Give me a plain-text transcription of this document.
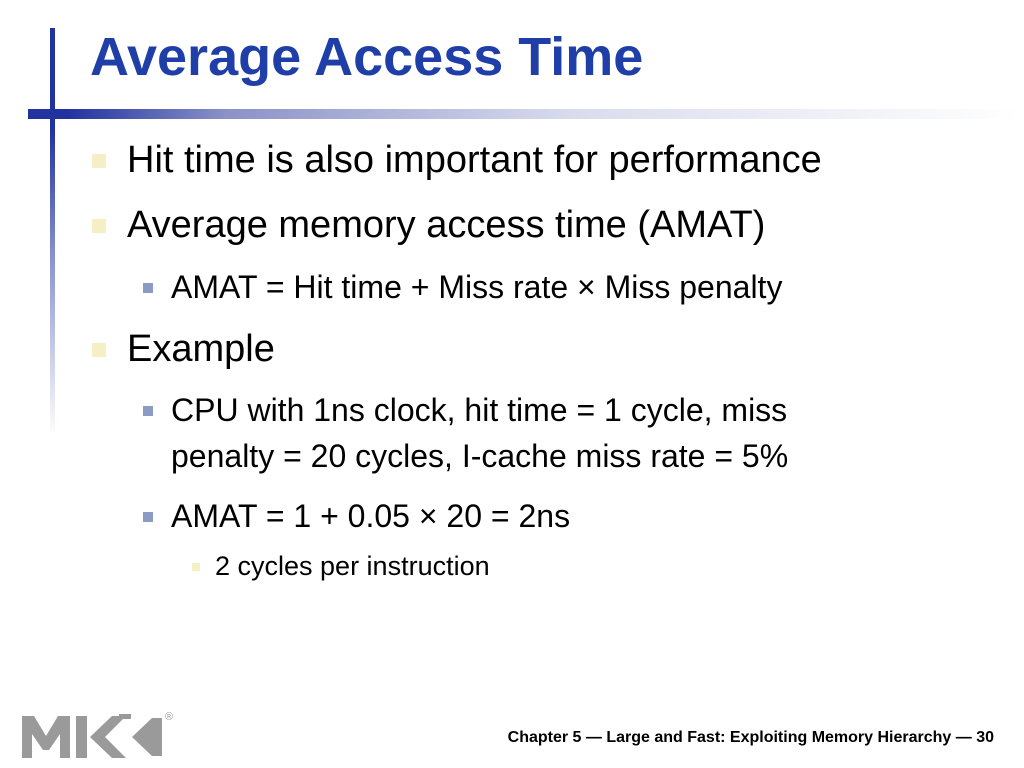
Average Access Time
Hit time is also important for performance
Average memory access time (AMAT)
AMAT = Hit time + Miss rate × Miss penalty
Example
CPU with 1ns clock, hit time = 1 cycle, miss
penalty = 20 cycles, I-cache miss rate = 5%
AMAT = 1 + 0.05 × 20 = 2ns
2 cycles per instruction
®

Chapter 5 — Large and Fast: Exploiting Memory Hierarchy — 30
